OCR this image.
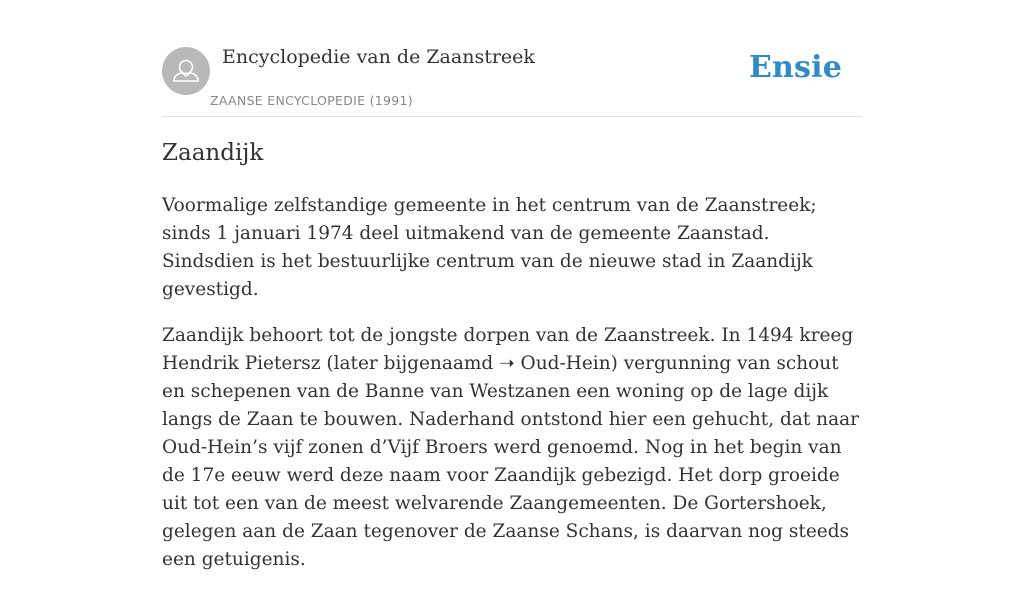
Encyclopedie van de Zaanstreek
ZAANSE ENCYCLOPEDIE (1991)
Ensie
Zaandijk

Voormalige zelfstandige gemeente in het centrum van de Zaanstreek; sinds 1 januari 1974 deel uitmakend van de gemeente Zaanstad. Sindsdien is het bestuurlijke centrum van de nieuwe stad in Zaandijk gevestigd.

Zaandijk behoort tot de jongste dorpen van de Zaanstreek. In 1494 kreeg Hendrik Pietersz (later bijgenaamd ➝ Oud-Hein) vergunning van schout en schepenen van de Banne van Westzanen een woning op de lage dijk langs de Zaan te bouwen. Naderhand ontstond hier een gehucht, dat naar Oud-Hein’s vijf zonen d’Vijf Broers werd genoemd. Nog in het begin van de 17e eeuw werd deze naam voor Zaandijk gebezigd. Het dorp groeide uit tot een van de meest welvarende Zaangemeenten. De Gortershoek, gelegen aan de Zaan tegenover de Zaanse Schans, is daarvan nog steeds een getuigenis.
